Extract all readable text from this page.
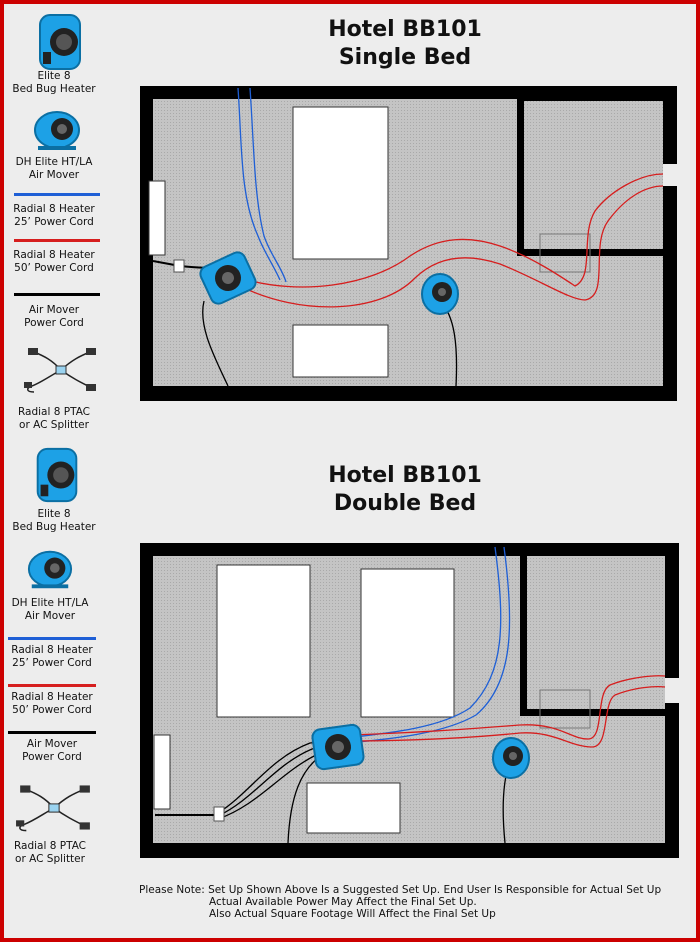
Elite 8
Bed Bug Heater
DH Elite HT/LA
Air Mover
Radial 8 Heater
25’ Power Cord
Radial 8 Heater
50’ Power Cord
Air Mover
Power Cord
Radial 8 PTAC
or AC Splitter
Elite 8
Bed Bug Heater
DH Elite HT/LA
Air Mover
Radial 8 Heater
25’ Power Cord
Radial 8 Heater
50’ Power Cord
Air Mover
Power Cord
Radial 8 PTAC
or AC Splitter
Hotel BB101
Single Bed
Hotel BB101
Double Bed
Please Note: Set Up Shown Above Is a Suggested Set Up. End User Is Responsible for Actual Set Up
Actual Available Power May Affect the Final Set Up.
Also Actual Square Footage Will Affect the Final Set Up
